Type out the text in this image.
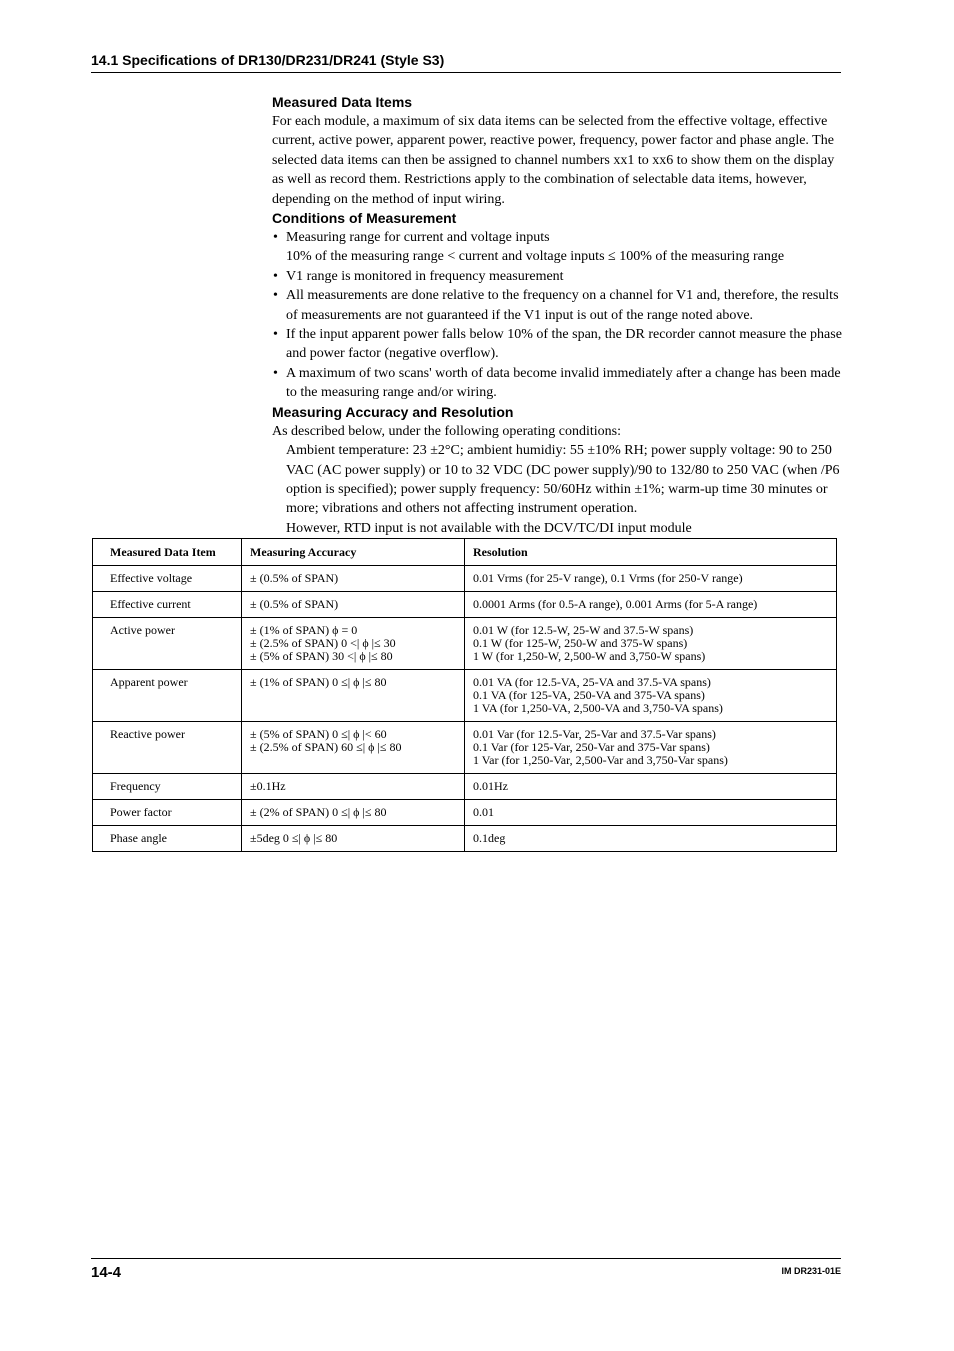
14.1 Specifications of DR130/DR231/DR241 (Style S3)
Measured Data Items

For each module, a maximum of six data items can be selected from the effective voltage, effective current, active power, apparent power, reactive power, frequency, power factor and phase angle. The selected data items can then be assigned to channel numbers xx1 to xx6 to show them on the display as well as record them. Restrictions apply to the combination of selectable data items, however, depending on the method of input wiring.

Conditions of Measurement
• Measuring range for current and voltage inputs
10% of the measuring range < current and voltage inputs ≤ 100% of the measuring range
• V1 range is monitored in frequency measurement
• All measurements are done relative to the frequency on a channel for V1 and, therefore, the results of measurements are not guaranteed if the V1 input is out of the range noted above.
• If the input apparent power falls below 10% of the span, the DR recorder cannot measure the phase and power factor (negative overflow).
• A maximum of two scans' worth of data become invalid immediately after a change has been made to the measuring range and/or wiring.
Measuring Accuracy and Resolution

As described below, under the following operating conditions:

Ambient temperature: 23 ±2°C; ambient humidiy: 55 ±10% RH; power supply voltage: 90 to 250 VAC (AC power supply) or 10 to 32 VDC (DC power supply)/90 to 132/80 to 250 VAC (when /P6 option is specified); power supply frequency: 50/60Hz within ±1%; warm-up time 30 minutes or more; vibrations and others not affecting instrument operation.

However, RTD input is not available with the DCV/TC/DI input module

Measured Data Item	Measuring Accuracy	Resolution
Effective voltage	± (0.5% of SPAN)	0.01 Vrms (for 25-V range), 0.1 Vrms (for 250-V range)

Effective current	± (0.5% of SPAN)	0.0001 Arms (for 0.5-A range), 0.001 Arms (for 5-A range)

Active power	± (1% of SPAN) ϕ = 0
± (2.5% of SPAN) 0 <| ϕ |≤ 30
± (5% of SPAN) 30 <| ϕ |≤ 80	0.01 W (for 12.5-W, 25-W and 37.5-W spans)
0.1 W (for 125-W, 250-W and 375-W spans)
1 W (for 1,250-W, 2,500-W and 3,750-W spans)

Apparent power	± (1% of SPAN) 0 ≤| ϕ |≤ 80	0.01 VA (for 12.5-VA, 25-VA and 37.5-VA spans)
0.1 VA (for 125-VA, 250-VA and 375-VA spans)
1 VA (for 1,250-VA, 2,500-VA and 3,750-VA spans)

Reactive power	± (5% of SPAN) 0 ≤| ϕ |< 60
± (2.5% of SPAN) 60 ≤| ϕ |≤ 80	0.01 Var (for 12.5-Var, 25-Var and 37.5-Var spans)
0.1 Var (for 125-Var, 250-Var and 375-Var spans)
1 Var (for 1,250-Var, 2,500-Var and 3,750-Var spans)

Frequency	±0.1Hz	0.01Hz

Power factor	± (2% of SPAN) 0 ≤| ϕ |≤ 80	0.01

Phase angle	±5deg 0 ≤| ϕ |≤ 80	0.1deg
14-4	IM DR231-01E
